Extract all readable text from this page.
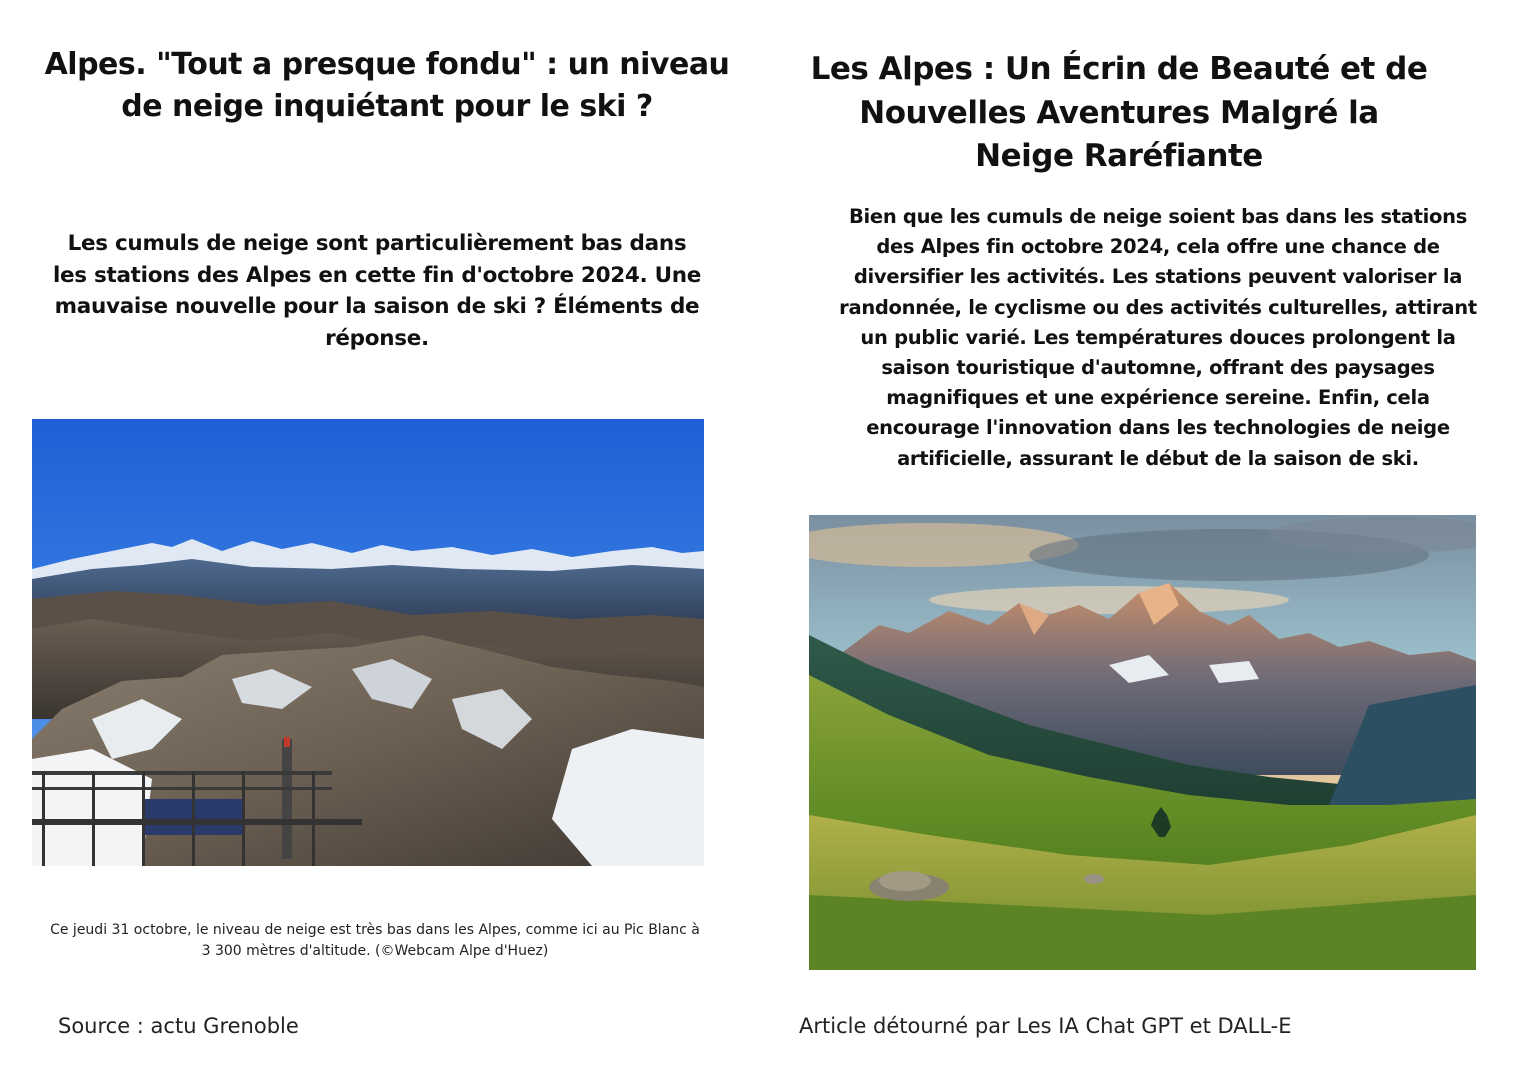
Alpes. "Tout a presque fondu" : un niveau de neige inquiétant pour le ski ?
Les cumuls de neige sont particulièrement bas dans les stations des Alpes en cette fin d'octobre 2024. Une mauvaise nouvelle pour la saison de ski ? Éléments de réponse.
Ce jeudi 31 octobre, le niveau de neige est très bas dans les Alpes, comme ici au Pic Blanc à 3 300 mètres d'altitude. (©Webcam Alpe d'Huez)
Source : actu Grenoble
Les Alpes : Un Écrin de Beauté et de Nouvelles Aventures Malgré la Neige Raréfiante
Bien que les cumuls de neige soient bas dans les stations des Alpes fin octobre 2024, cela offre une chance de diversifier les activités. Les stations peuvent valoriser la randonnée, le cyclisme ou des activités culturelles, attirant un public varié. Les températures douces prolongent la saison touristique d'automne, offrant des paysages magnifiques et une expérience sereine. Enfin, cela encourage l'innovation dans les technologies de neige artificielle, assurant le début de la saison de ski.
Article détourné par Les IA Chat GPT et DALL-E
